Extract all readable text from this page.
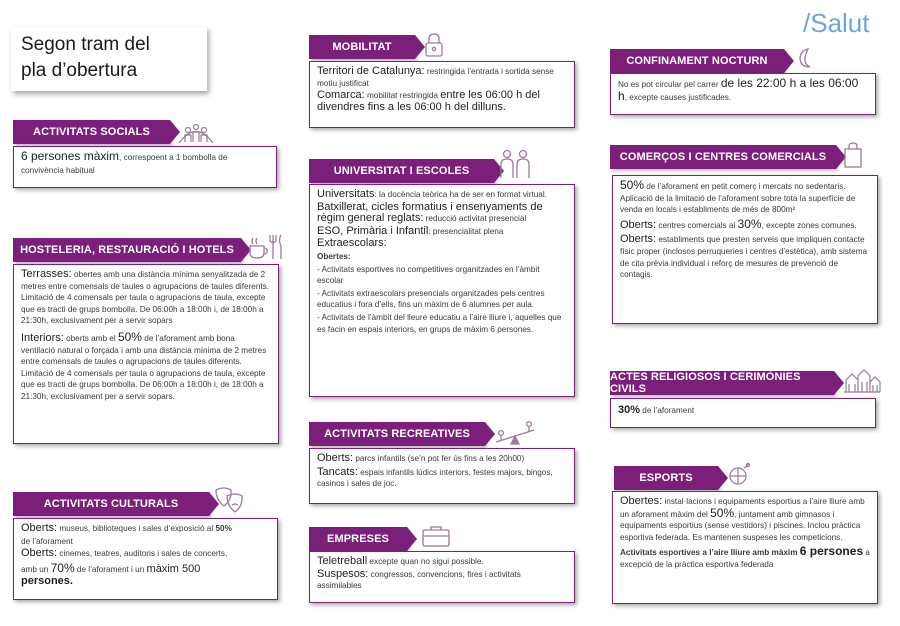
Segon tram del
pla d’obertura
/Salut
ACTIVITATS SOCIALS

6 persones màxim, correspoent a 1 bombolla de

convivència habitual

HOSTELERIA, RESTAURACIÓ I HOTELS

Terrasses: obertes amb una distància mínima senyalitzada de 2 metres entre comensals de taules o agrupacions de taules diferents. Limitació de 4 comensals per taula o agrupacions de taula, excepte que es tracti de grups bombolla. De 06:00h a 18:00h i, de 18:00h a 21:30h, exclusivament per a servir sopars

Interiors: oberts amb el 50% de l’aforament amb bona ventilació natural o forçada i amb una distància mínima de 2 metres entre comensals de taules o agrupacions de taules diferents. Limitació de 4 comensals per taula o agrupacions de taula, excepte que es tracti de grups bombolla. De 06:00h a 18:00h i, de 18:00h a 21:30h, exclusivament per a servir sopars.

ACTIVITATS CULTURALS

Oberts: museus, biblioteques i sales d’exposició al 50%

de l’aforament

Oberts: cinemes, teatres, auditoris i sales de concerts,

amb un 70% de l’aforament i un màxim 500

persones.

MOBILITAT

Territori de Catalunya: restringida l’entrada i sortida sense motiu justificat

Comarca: mobilitat restringida entre les 06:00 h del divendres fins a les 06:00 h del dilluns.

UNIVERSITAT I ESCOLES

Universitats: la docència teòrica ha de ser en format virtual.

Batxillerat, cicles formatius i ensenyaments de règim general reglats: reducció activitat presencial

ESO, Primària i Infantil: presencialitat plena

Extraescolars:

Obertes:

- Activitats esportives no competitives organitzades en l’àmbit escolar

- Activitats extraescolars presencials organitzades pels centres educatius i fora d’ells, fins un màxim de 6 alumnes per aula.

- Activitats de l’àmbit del lleure educatiu a l’aire lliure i, aquelles que es facin en espais interiors, en grups de màxim 6 persones.

ACTIVITATS RECREATIVES

Oberts: parcs infantils (se’n pot fer ús fins a les 20h00)

Tancats: espais infantils lúdics interiors, festes majors, bingos, casinos i sales de joc.

EMPRESES

Teletreball excepte quan no sigui possible.

Suspesos: congressos, convencions, fires i activitats assimilables

CONFINAMENT NOCTURN

No es pot circular pel carrer de les 22:00 h a les 06:00 h, excepte causes justificades.

COMERÇOS I CENTRES COMERCIALS

50% de l’aforament en petit comerç i mercats no sedentaris. Aplicació de la limitació de l’aforament sobre tota la superfície de venda en locals i establiments de més de 800m²

Oberts: centres comercials al 30%, excepte zones comunes.

Oberts: establiments que presten serveis que impliquen contacte físic proper (inclosos perruqueries i centres d’estètica), amb sistema de cita prèvia individual i reforç de mesures de prevenció de contagis.

ACTES RELIGIOSOS I CERIMÒNIES CIVILS

30% de l’aforament

ESPORTS

Obertes: instal·lacions i equipaments esportius a l’aire lliure amb un aforament màxim del 50%, juntament amb gimnasos i equipaments esportius (sense vestidors) i piscines. Inclou pràctica esportiva federada. Es mantenen suspeses les competicions.

Activitats esportives a l’aire lliure amb màxim 6 persones a excepció de la pràctica esportiva federada
